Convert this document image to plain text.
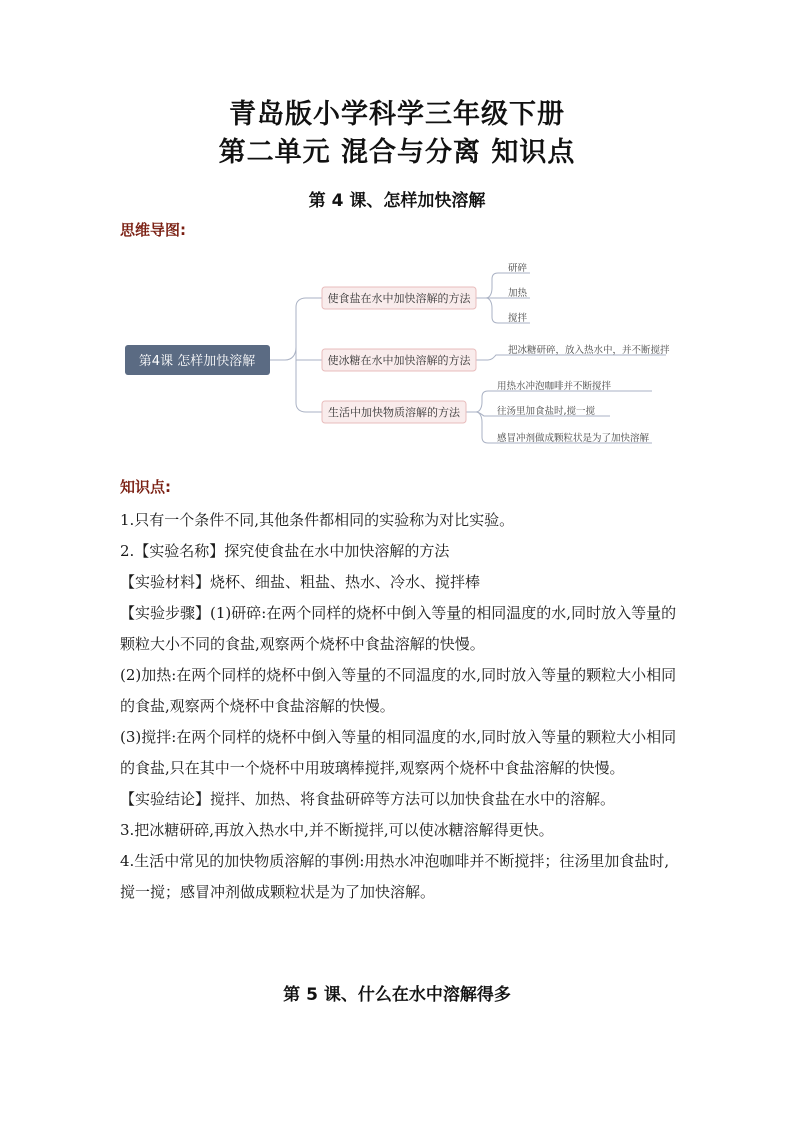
青岛版小学科学三年级下册
第二单元 混合与分离 知识点
第 4 课、怎样加快溶解
思维导图:
第4课 怎样加快溶解
使食盐在水中加快溶解的方法
使冰糖在水中加快溶解的方法
生活中加快物质溶解的方法
研碎
加热
搅拌
把冰糖研碎，放入热水中，并不断搅拌
用热水冲泡咖啡并不断搅拌
往汤里加食盐时,搅一搅
感冒冲剂做成颗粒状是为了加快溶解
知识点:

1.只有一个条件不同,其他条件都相同的实验称为对比实验。

2.【实验名称】探究使食盐在水中加快溶解的方法

【实验材料】烧杯、细盐、粗盐、热水、冷水、搅拌棒

【实验步骤】(1)研碎:在两个同样的烧杯中倒入等量的相同温度的水,同时放入等量的颗粒大小不同的食盐,观察两个烧杯中食盐溶解的快慢。

(2)加热:在两个同样的烧杯中倒入等量的不同温度的水,同时放入等量的颗粒大小相同的食盐,观察两个烧杯中食盐溶解的快慢。

(3)搅拌:在两个同样的烧杯中倒入等量的相同温度的水,同时放入等量的颗粒大小相同的食盐,只在其中一个烧杯中用玻璃棒搅拌,观察两个烧杯中食盐溶解的快慢。

【实验结论】搅拌、加热、将食盐研碎等方法可以加快食盐在水中的溶解。

3.把冰糖研碎,再放入热水中,并不断搅拌,可以使冰糖溶解得更快。

4.生活中常见的加快物质溶解的事例:用热水冲泡咖啡并不断搅拌；往汤里加食盐时,搅一搅；感冒冲剂做成颗粒状是为了加快溶解。

第 5 课、什么在水中溶解得多
